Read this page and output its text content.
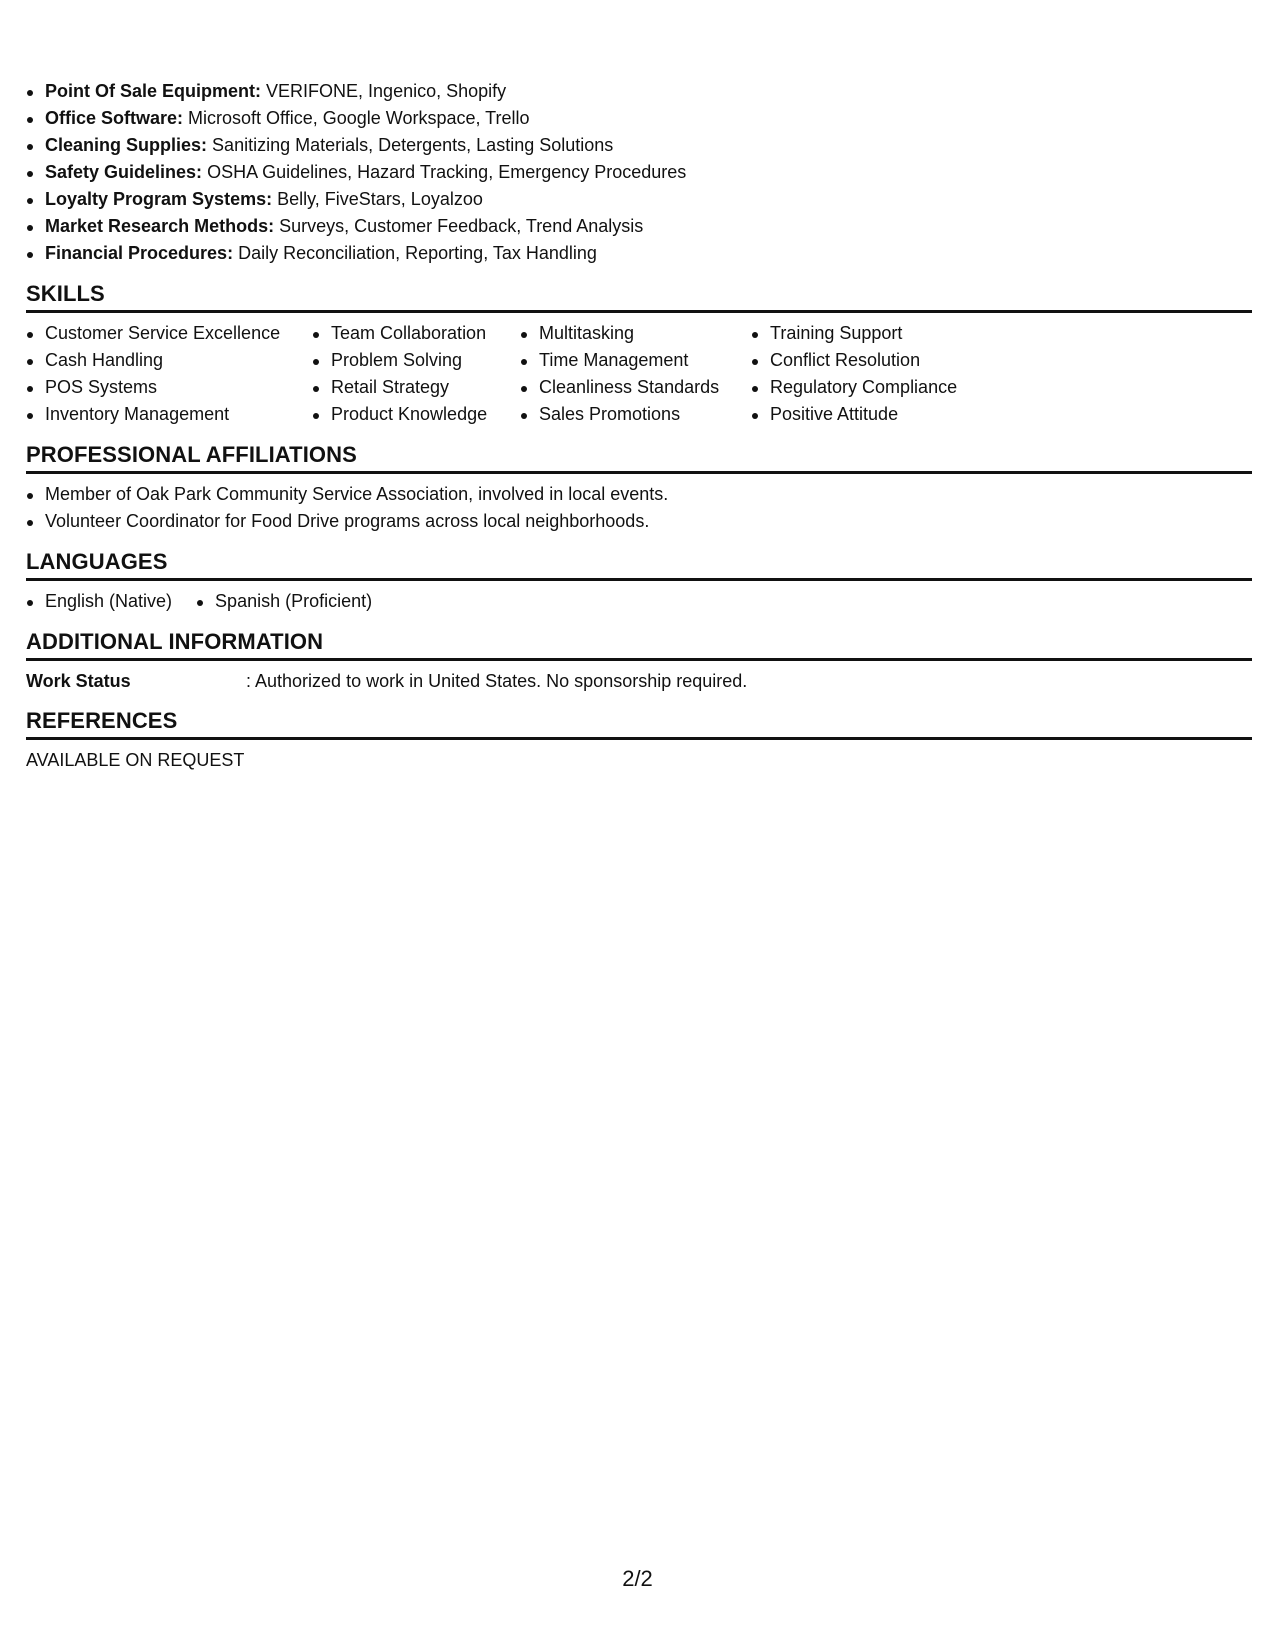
Point Of Sale Equipment: VERIFONE, Ingenico, Shopify
Office Software: Microsoft Office, Google Workspace, Trello
Cleaning Supplies: Sanitizing Materials, Detergents, Lasting Solutions
Safety Guidelines: OSHA Guidelines, Hazard Tracking, Emergency Procedures
Loyalty Program Systems: Belly, FiveStars, Loyalzoo
Market Research Methods: Surveys, Customer Feedback, Trend Analysis
Financial Procedures: Daily Reconciliation, Reporting, Tax Handling
SKILLS
Customer Service Excellence
Cash Handling
POS Systems
Inventory Management
Team Collaboration
Problem Solving
Retail Strategy
Product Knowledge
Multitasking
Time Management
Cleanliness Standards
Sales Promotions
Training Support
Conflict Resolution
Regulatory Compliance
Positive Attitude
PROFESSIONAL AFFILIATIONS
Member of Oak Park Community Service Association, involved in local events.
Volunteer Coordinator for Food Drive programs across local neighborhoods.
LANGUAGES
English (Native)	Spanish (Proficient)
ADDITIONAL INFORMATION
Work Status	: Authorized to work in United States. No sponsorship required.
REFERENCES
AVAILABLE ON REQUEST
2/2
